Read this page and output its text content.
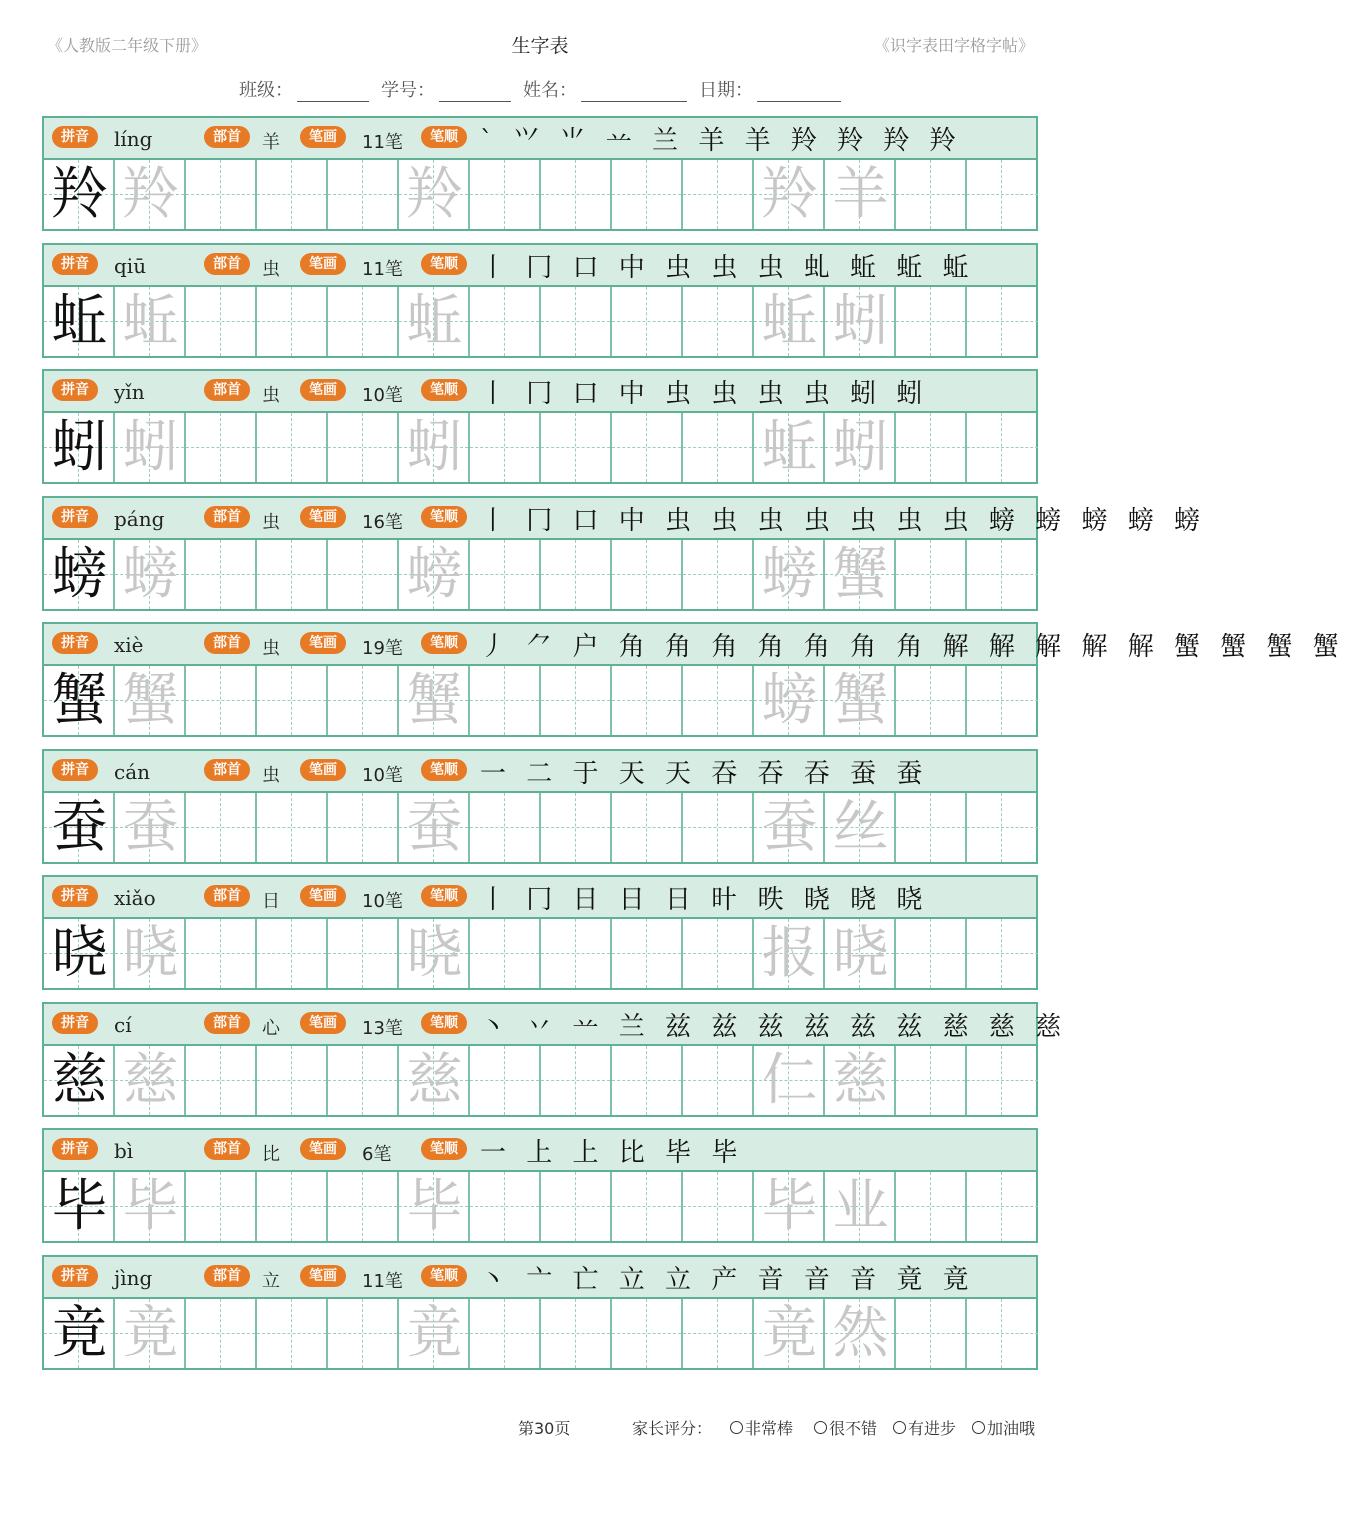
《人教版二年级下册》	生字表	《识字表田字格字帖》
班级：	学号：	姓名：	日期：
拼音	líng	部首	羊	笔画	11笔	笔顺 ` ⺍ ⺌ 䒑 兰 羊 羊 羚 羚 羚 羚
羚 羚	羚	羚 羊
拼音	qiū	部首	虫	笔画	11笔	笔顺 丨 冂 口 中 虫 虫 虫 虬 蚯 蚯 蚯
蚯 蚯	蚯	蚯 蚓
拼音	yǐn	部首	虫	笔画	10笔	笔顺 丨 冂 口 中 虫 虫 虫 虫 蚓 蚓
蚓 蚓	蚓	蚯 蚓
拼音	páng	部首	虫	笔画	16笔	笔顺 丨 冂 口 中 虫 虫 虫 虫 虫 虫 虫 螃 螃 螃 螃 螃
螃 螃	螃	螃 蟹
拼音	xiè	部首	虫	笔画	19笔	笔顺 丿 ⺈ 户 角 角 角 角 角 角 角 解 解 解 解 解 蟹 蟹 蟹 蟹
蟹 蟹	蟹	螃 蟹
拼音	cán	部首	虫	笔画	10笔	笔顺 一 二 于 天 天 吞 吞 吞 蚕 蚕
蚕 蚕	蚕	蚕 丝
拼音	xiǎo	部首	日	笔画	10笔	笔顺 丨 冂 日 日 日 旪 昳 晓 晓 晓
晓 晓	晓	报 晓
拼音	cí	部首	心	笔画	13笔	笔顺 丶 丷 䒑 兰 兹 兹 兹 兹 兹 兹 慈 慈 慈
慈 慈	慈	仁 慈
拼音	bì	部首	比	笔画	6笔	笔顺 一 上 上 比 毕 毕
毕 毕	毕	毕 业
拼音	jìng	部首	立	笔画	11笔	笔顺 丶 亠 亡 立 立 产 音 音 音 竟 竟
竟 竟	竟	竟 然
第30页	家长评分： 非常棒 很不错 有进步 加油哦
